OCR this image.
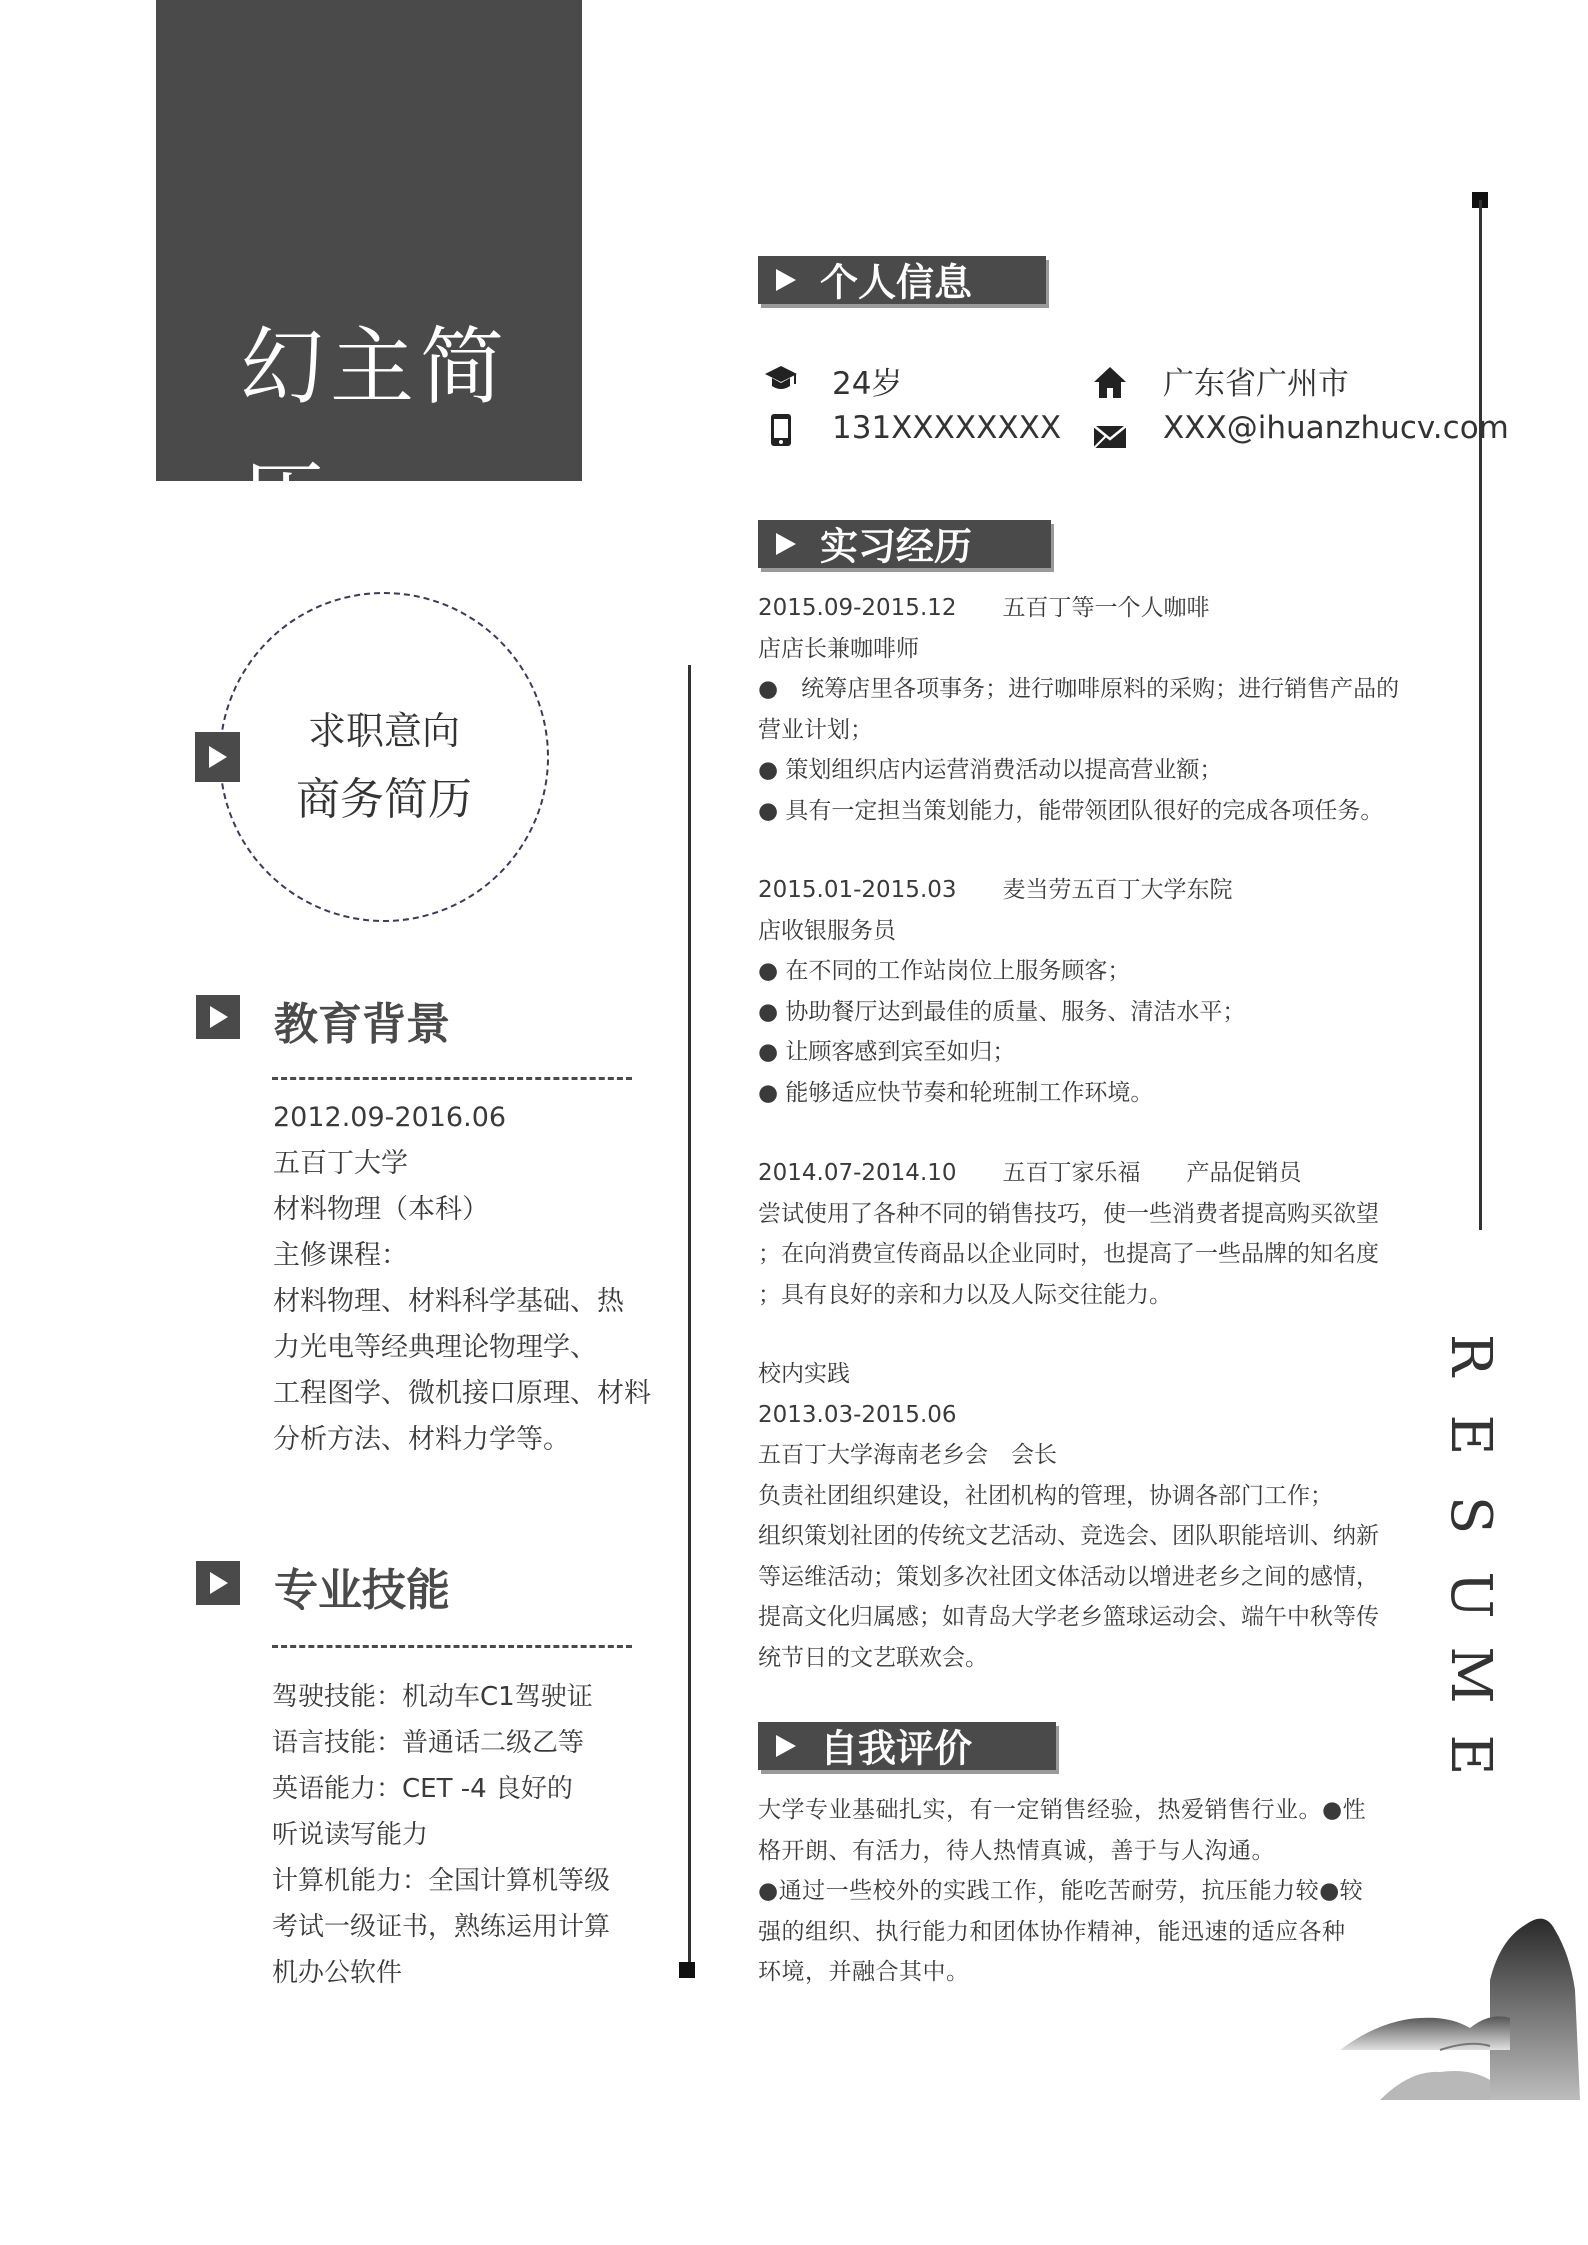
幻主简历
求职意向
商务简历
教育背景

2012.09-2016.06

五百丁大学

材料物理（本科）

主修课程：

材料物理、材料科学基础、热

力光电等经典理论物理学、

工程图学、微机接口原理、材料

分析方法、材料力学等。

专业技能

驾驶技能：机动车C1驾驶证

语言技能：普通话二级乙等

英语能力：CET -4 良好的

听说读写能力

计算机能力：全国计算机等级

考试一级证书，熟练运用计算

机办公软件

个人信息
24岁	广东省广州市
131XXXXXXXX	XXX@ihuanzhucv.com
实习经历

2015.09-2015.12　　五百丁等一个人咖啡

店店长兼咖啡师

●　统筹店里各项事务；进行咖啡原料的采购；进行销售产品的

营业计划；

● 策划组织店内运营消费活动以提高营业额；

● 具有一定担当策划能力，能带领团队很好的完成各项任务。

2015.01-2015.03　　麦当劳五百丁大学东院

店收银服务员

● 在不同的工作站岗位上服务顾客；

● 协助餐厅达到最佳的质量、服务、清洁水平；

● 让顾客感到宾至如归；

● 能够适应快节奏和轮班制工作环境。

2014.07-2014.10　　五百丁家乐福　　产品促销员

尝试使用了各种不同的销售技巧，使一些消费者提高购买欲望

；在向消费宣传商品以企业同时，也提高了一些品牌的知名度

；具有良好的亲和力以及人际交往能力。

校内实践

2013.03-2015.06

五百丁大学海南老乡会　会长

负责社团组织建设，社团机构的管理，协调各部门工作；

组织策划社团的传统文艺活动、竞选会、团队职能培训、纳新

等运维活动；策划多次社团文体活动以增进老乡之间的感情，

提高文化归属感；如青岛大学老乡篮球运动会、端午中秋等传

统节日的文艺联欢会。

自我评价

大学专业基础扎实，有一定销售经验，热爱销售行业。●性

格开朗、有活力，待人热情真诚，善于与人沟通。

●通过一些校外的实践工作，能吃苦耐劳，抗压能力较●较

强的组织、执行能力和团体协作精神，能迅速的适应各种

环境，并融合其中。

R
E
S
U
M
E
